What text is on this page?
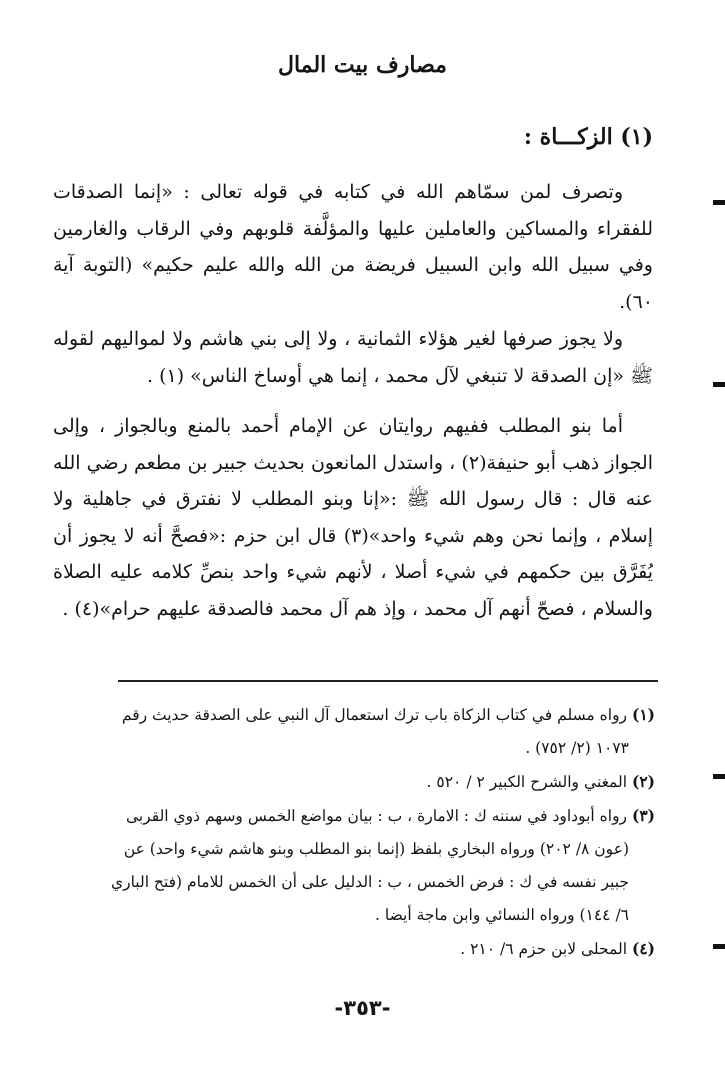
مصارف بيت المال
(١) الزكـــاة :

وتصرف لمن سمّاهم الله في كتابه في قوله تعالى : «إنما الصدقات للفقراء والمساكين والعاملين عليها والمؤلَّفة قلوبهم وفي الرقاب والغارمين وفي سبيل الله وابن السبيل فريضة من الله والله عليم حكيم» (التوبة آية ٦٠).

ولا يجوز صرفها لغير هؤلاء الثمانية ، ولا إلى بني هاشم ولا لمواليهم لقوله ﷺ «إن الصدقة لا تنبغي لآل محمد ، إنما هي أوساخ الناس» (١) .

أما بنو المطلب ففيهم روايتان عن الإمام أحمد بالمنع وبالجواز ، وإلى الجواز ذهب أبو حنيفة(٢) ، واستدل المانعون بحديث جبير بن مطعم رضي الله عنه قال : قال رسول الله ﷺ :«إنا وبنو المطلب لا نفترق في جاهلية ولا إسلام ، وإنما نحن وهم شيء واحد»(٣) قال ابن حزم :«فصحَّ أنه لا يجوز أن يُفَرَّق بين حكمهم في شيء أصلا ، لأنهم شيء واحد بنصِّ كلامه عليه الصلاة والسلام ، فصحّ أنهم آل محمد ، وإذ هم آل محمد فالصدقة عليهم حرام»(٤) .

(١) رواه مسلم في كتاب الزكاة باب ترك استعمال آل النبي على الصدقة حديث رقم

١٠٧٣ (٢/ ٧٥٢) .

(٢) المغني والشرح الكبير ٢ / ٥٢٠ .

(٣) رواه أبوداود في سننه ك : الامارة ، ب : بيان مواضع الخمس وسهم ذوي القربى

(عون ٨/ ٢٠٢) ورواه البخاري بلفظ (إنما بنو المطلب وبنو هاشم شيء واحد) عن

جبير نفسه في ك : فرض الخمس ، ب : الدليل على أن الخمس للامام (فتح الباري

٦/ ١٤٤) ورواه النسائي وابن ماجة أيضا .

(٤) المحلى لابن حزم ٦/ ٢١٠ .

-٣٥٣-
